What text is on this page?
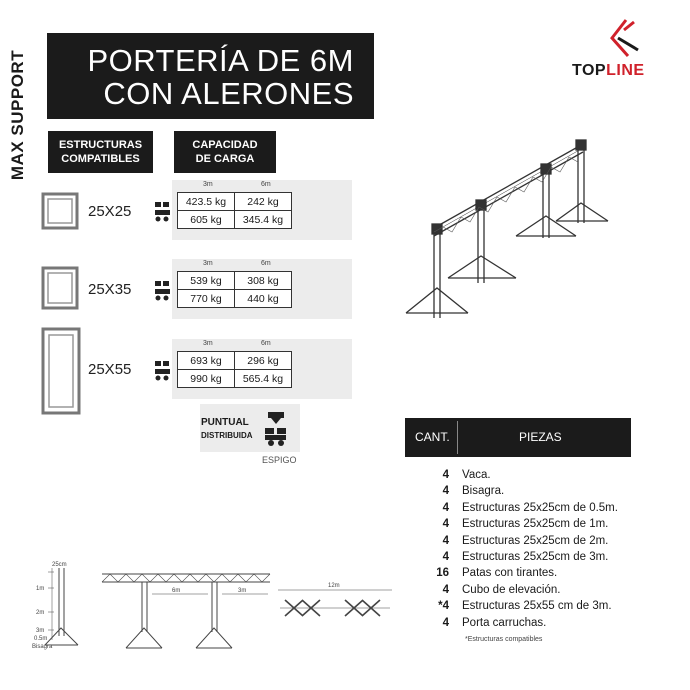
MAX SUPPORT PORTERÍA DE 6M
CON ALERONES
TOPLINE
ESTRUCTURAS
COMPATIBLES
CAPACIDAD
DE CARGA
25X25
25X35
25X55
3m	6m
423.5 kg	242 kg
605 kg	345.4 kg
3m	6m
539 kg	308 kg
770 kg	440 kg
3m	6m
693 kg	296 kg
990 kg	565.4 kg
PUNTUAL
DISTRIBUIDA
ESPIGO
CANT.	PIEZAS
4 Vaca.
4 Bisagra.
4 Estructuras 25x25cm de 0.5m.
4 Estructuras 25x25cm de 1m.
4 Estructuras 25x25cm de 2m.
4 Estructuras 25x25cm de 3m.
16 Patas con tirantes.
4 Cubo de elevación.
*4 Estructuras 25x55 cm de 3m.
4 Porta carruchas.
*Estructuras compatibles
25cm
1m
2m
3m
0.5m
Bisagra
6m	3m
12m
